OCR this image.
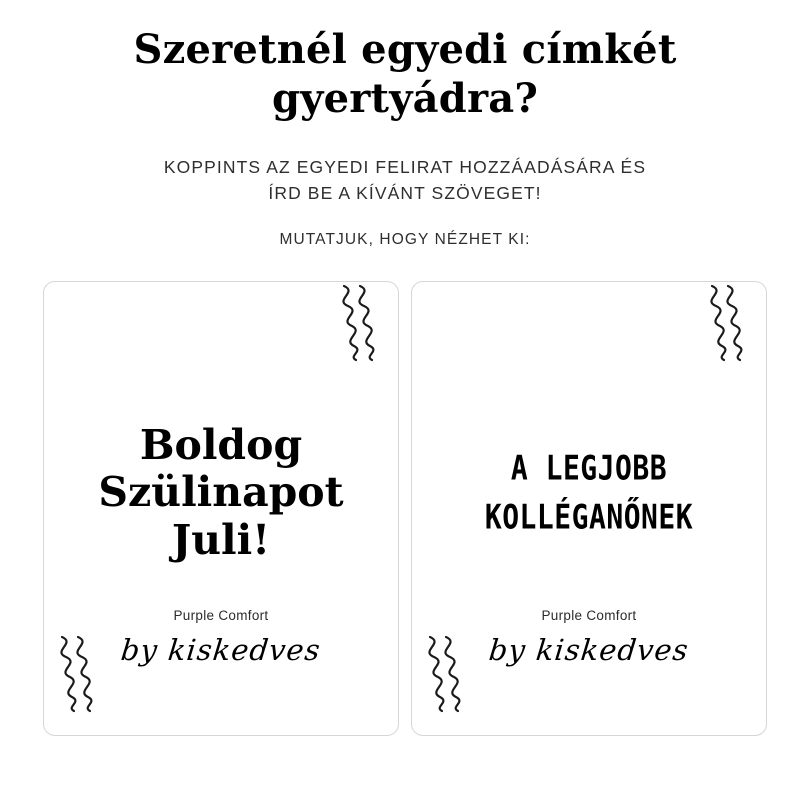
Szeretnél egyedi címkét
gyertyádra?

KOPPINTS AZ EGYEDI FELIRAT HOZZÁADÁSÁRA ÉS
ÍRD BE A KÍVÁNT SZÖVEGET!

MUTATJUK, HOGY NÉZHET KI:

Boldog
Szülinapot
Juli!
Purple Comfort
by kiskedves
A LEGJOBB
KOLLÉGANŐNEK
Purple Comfort
by kiskedves
